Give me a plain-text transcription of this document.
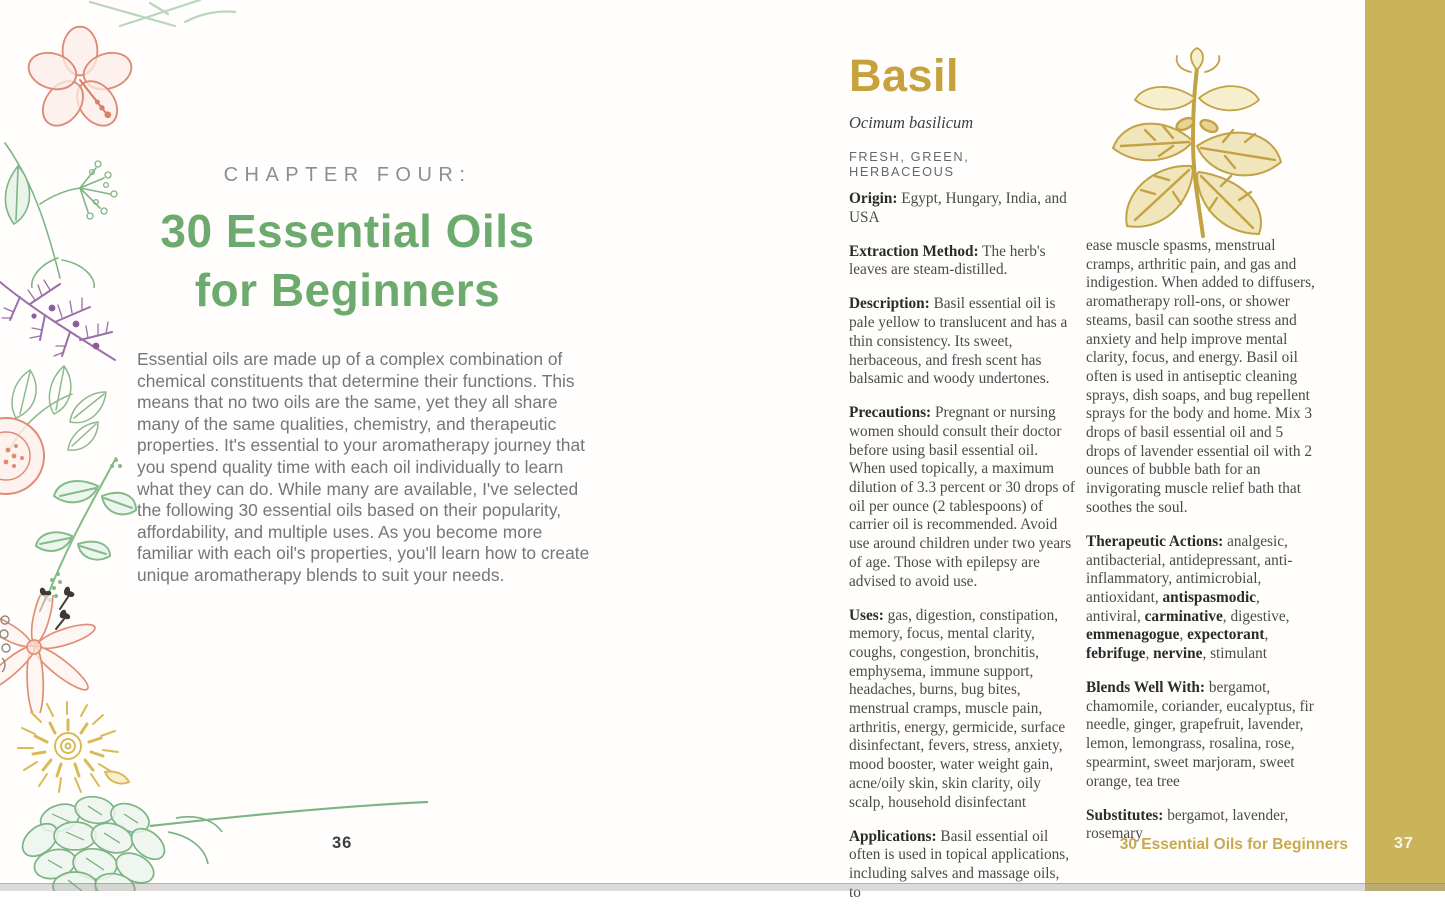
CHAPTER FOUR:
30 Essential Oils
for Beginners
Essential oils are made up of a complex combination of chemical constituents that determine their functions. This means that no two oils are the same, yet they all share many of the same qualities, chemistry, and therapeutic properties. It's essential to your aromatherapy journey that you spend quality time with each oil individually to learn what they can do. While many are available, I've selected the following 30 essential oils based on their popularity, affordability, and multiple uses. As you become more familiar with each oil's properties, you'll learn how to create unique aromatherapy blends to suit your needs.
36
Basil
Ocimum basilicum
FRESH, GREEN, HERBACEOUS

Origin: Egypt, Hungary, India, and USA

Extraction Method: The herb's leaves are steam-distilled.

Description: Basil essential oil is pale yellow to translucent and has a thin consistency. Its sweet, herbaceous, and fresh scent has balsamic and woody undertones.

Precautions: Pregnant or nursing women should consult their doctor before using basil essential oil. When used topically, a maximum dilution of 3.3 percent or 30 drops of oil per ounce (2 tablespoons) of carrier oil is recommended. Avoid use around children under two years of age. Those with epilepsy are advised to avoid use.

Uses: gas, digestion, constipation, memory, focus, mental clarity, coughs, congestion, bronchitis, emphysema, immune support, headaches, burns, bug bites, menstrual cramps, muscle pain, arthritis, energy, germicide, surface disinfectant, fevers, stress, anxiety, mood booster, water weight gain, acne/oily skin, skin clarity, oily scalp, household disinfectant

Applications: Basil essential oil often is used in topical applications, including salves and massage oils, to

ease muscle spasms, menstrual cramps, arthritic pain, and gas and indigestion. When added to diffusers, aromatherapy roll-ons, or shower steams, basil can soothe stress and anxiety and help improve mental clarity, focus, and energy. Basil oil often is used in antiseptic cleaning sprays, dish soaps, and bug repellent sprays for the body and home. Mix 3 drops of basil essential oil and 5 drops of lavender essential oil with 2 ounces of bubble bath for an invigorating muscle relief bath that soothes the soul.

Therapeutic Actions: analgesic, antibacterial, antidepressant, anti-inflammatory, antimicrobial, antioxidant, antispasmodic, antiviral, carminative, digestive, emmenagogue, expectorant, febrifuge, nervine, stimulant

Blends Well With: bergamot, chamomile, coriander, eucalyptus, fir needle, ginger, grapefruit, lavender, lemon, lemongrass, rosalina, rose, spearmint, sweet marjoram, sweet orange, tea tree

Substitutes: bergamot, lavender, rosemary

30 Essential Oils for Beginners	37
